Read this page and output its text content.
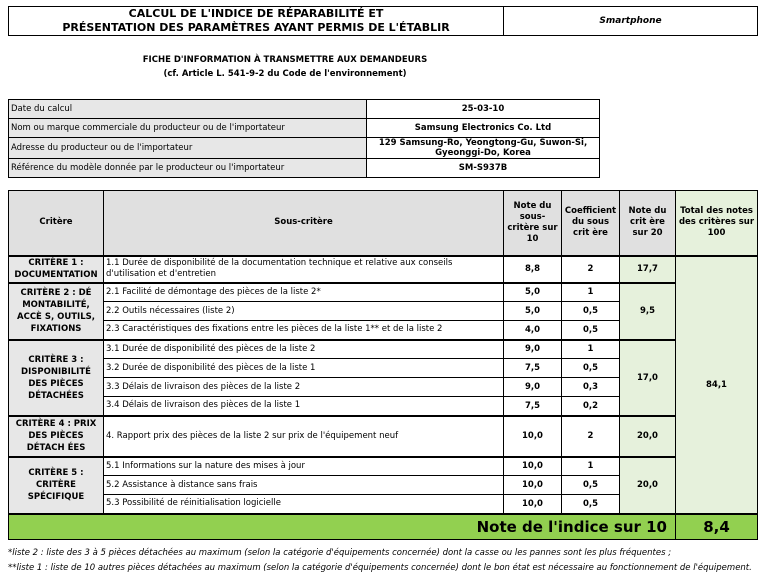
CALCUL DE L'INDICE DE RÉPARABILITÉ ET
PRÉSENTATION DES PARAMÈTRES AYANT PERMIS DE L'ÉTABLIR	Smartphone
FICHE D'INFORMATION À TRANSMETTRE AUX DEMANDEURS
(cf. Article L. 541-9-2 du Code de l'environnement)
Date du calcul	25-03-10
Nom ou marque commerciale du producteur ou de l'importateur	Samsung Electronics Co. Ltd
Adresse du producteur ou de l'importateur	129 Samsung-Ro, Yeongtong-Gu, Suwon-Si, Gyeonggi-Do, Korea
Référence du modèle donnée par le producteur ou l'importateur	SM-S937B
Critère	Sous-critère	Note du sous-critère sur 10	Coefficient du sous crit ère	Note du crit ère sur 20	Total des notes des critères sur 100
CRITÈRE 1 : DOCUMENTATION	1.1 Durée de disponibilité de la documentation technique et relative aux conseils d'utilisation et d'entretien	8,8	2	17,7	84,1
CRITÈRE 2 : DÉ MONTABILITÉ, ACCÈ S, OUTILS, FIXATIONS	2.1 Facilité de démontage des pièces de la liste 2*	5,0	1	9,5	
	2.2 Outils nécessaires (liste 2)	5,0	0,5		
	2.3 Caractéristiques des fixations entre les pièces de la liste 1** et de la liste 2	4,0	0,5		
CRITÈRE 3 : DISPONIBILITÉ DES PIÈCES DÉTACHÉES	3.1 Durée de disponibilité des pièces de la liste 2	9,0	1	17,0	
	3.2 Durée de disponibilité des pièces de la liste 1	7,5	0,5		
	3.3 Délais de livraison des pièces de la liste 2	9,0	0,3		
	3.4 Délais de livraison des pièces de la liste 1	7,5	0,2		
CRITÈRE 4 : PRIX DES PIÈCES DÉTACH ÉES	4. Rapport prix des pièces de la liste 2 sur prix de l'équipement neuf	10,0	2	20,0	
CRITÈRE 5 : CRITÈRE SPÉCIFIQUE	5.1 Informations sur la nature des mises à jour	10,0	1	20,0	
	5.2 Assistance à distance sans frais	10,0	0,5		
	5.3 Possibilité de réinitialisation logicielle	10,0	0,5		
Note de l'indice sur 10					8,4
*liste 2 : liste des 3 à 5 pièces détachées au maximum (selon la catégorie d'équipements concernée) dont la casse ou les pannes sont les plus fréquentes ;
**liste 1 : liste de 10 autres pièces détachées au maximum (selon la catégorie d'équipements concernée) dont le bon état est nécessaire au fonctionnement de l'équipement.
